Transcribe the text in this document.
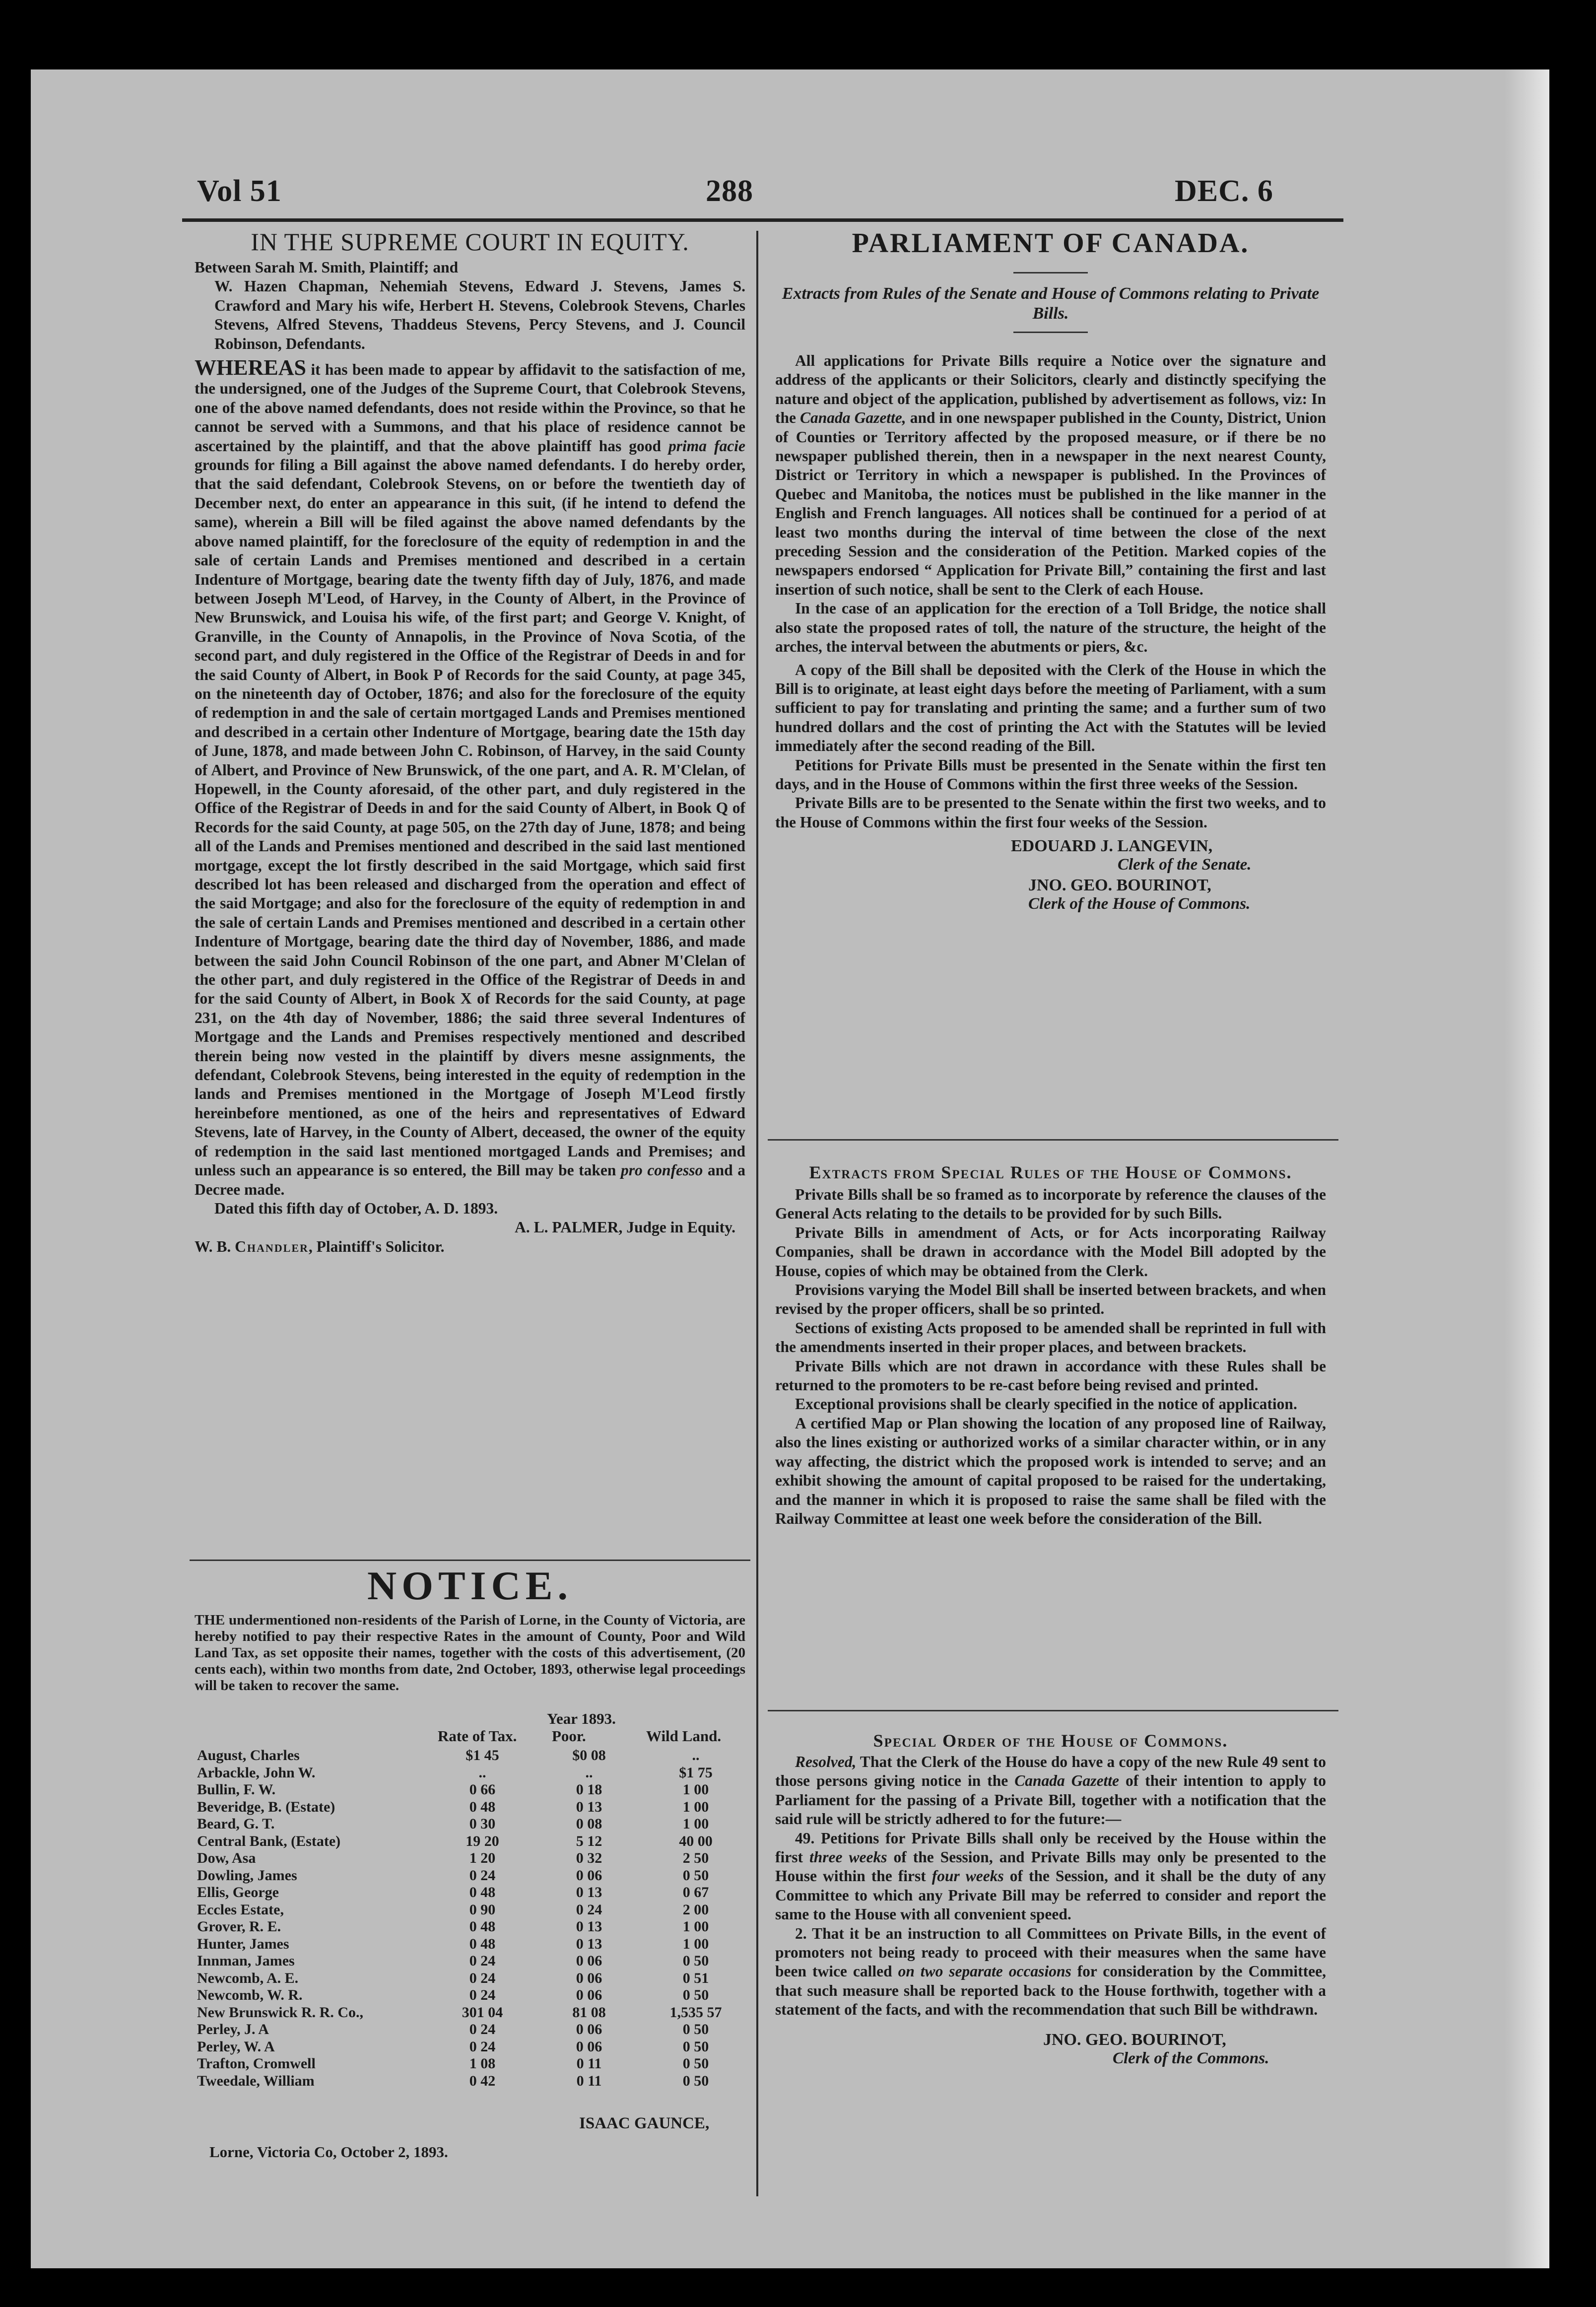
Vol 51	288	DEC. 6
IN THE SUPREME COURT IN EQUITY.

Between Sarah M. Smith, Plaintiff; and

W. Hazen Chapman, Nehemiah Stevens, Edward J. Stevens, James S. Crawford and Mary his wife, Herbert H. Stevens, Colebrook Stevens, Charles Stevens, Alfred Stevens, Thaddeus Stevens, Percy Stevens, and J. Council Robinson, Defendants.

WHEREAS it has been made to appear by affidavit to the satisfaction of me, the undersigned, one of the Judges of the Supreme Court, that Colebrook Stevens, one of the above named defendants, does not reside within the Province, so that he cannot be served with a Summons, and that his place of residence cannot be ascertained by the plaintiff, and that the above plaintiff has good prima facie grounds for filing a Bill against the above named defendants. I do hereby order, that the said defendant, Colebrook Stevens, on or before the twentieth day of December next, do enter an appearance in this suit, (if he intend to defend the same), wherein a Bill will be filed against the above named defendants by the above named plaintiff, for the foreclosure of the equity of redemption in and the sale of certain Lands and Premises mentioned and described in a certain Indenture of Mortgage, bearing date the twenty fifth day of July, 1876, and made between Joseph M'Leod, of Harvey, in the County of Albert, in the Province of New Brunswick, and Louisa his wife, of the first part; and George V. Knight, of Granville, in the County of Annapolis, in the Province of Nova Scotia, of the second part, and duly registered in the Office of the Registrar of Deeds in and for the said County of Albert, in Book P of Records for the said County, at page 345, on the nineteenth day of October, 1876; and also for the foreclosure of the equity of redemption in and the sale of certain mortgaged Lands and Premises mentioned and described in a certain other Indenture of Mortgage, bearing date the 15th day of June, 1878, and made between John C. Robinson, of Harvey, in the said County of Albert, and Province of New Brunswick, of the one part, and A. R. M'Clelan, of Hopewell, in the County aforesaid, of the other part, and duly registered in the Office of the Registrar of Deeds in and for the said County of Albert, in Book Q of Records for the said County, at page 505, on the 27th day of June, 1878; and being all of the Lands and Premises mentioned and described in the said last mentioned mortgage, except the lot firstly described in the said Mortgage, which said first described lot has been released and discharged from the operation and effect of the said Mortgage; and also for the foreclosure of the equity of redemption in and the sale of certain Lands and Premises mentioned and described in a certain other Indenture of Mortgage, bearing date the third day of November, 1886, and made between the said John Council Robinson of the one part, and Abner M'Clelan of the other part, and duly registered in the Office of the Registrar of Deeds in and for the said County of Albert, in Book X of Records for the said County, at page 231, on the 4th day of November, 1886; the said three several Indentures of Mortgage and the Lands and Premises respectively mentioned and described therein being now vested in the plaintiff by divers mesne assignments, the defendant, Colebrook Stevens, being interested in the equity of redemption in the lands and Premises mentioned in the Mortgage of Joseph M'Leod firstly hereinbefore mentioned, as one of the heirs and representatives of Edward Stevens, late of Harvey, in the County of Albert, deceased, the owner of the equity of redemption in the said last mentioned mortgaged Lands and Premises; and unless such an appearance is so entered, the Bill may be taken pro confesso and a Decree made.

Dated this fifth day of October, A. D. 1893.

A. L. PALMER, Judge in Equity.

W. B. Chandler, Plaintiff's Solicitor.

NOTICE.
THE undermentioned non-residents of the Parish of Lorne, in the County of Victoria, are hereby notified to pay their respective Rates in the amount of County, Poor and Wild Land Tax, as set opposite their names, together with the costs of this advertisement, (20 cents each), within two months from date, 2nd October, 1893, otherwise legal proceedings will be taken to recover the same.
Year 1893.
Rate of Tax. Poor.	Wild Land.
August, Charles	$1 45	$0 08	..
Arbackle, John W.	..	..	$1 75
Bullin, F. W.	0 66	0 18	1 00
Beveridge, B. (Estate)	0 48	0 13	1 00
Beard, G. T.	0 30	0 08	1 00
Central Bank, (Estate)	19 20	5 12	40 00
Dow, Asa	1 20	0 32	2 50
Dowling, James	0 24	0 06	0 50
Ellis, George	0 48	0 13	0 67
Eccles Estate,	0 90	0 24	2 00
Grover, R. E.	0 48	0 13	1 00
Hunter, James	0 48	0 13	1 00
Innman, James	0 24	0 06	0 50
Newcomb, A. E.	0 24	0 06	0 51
Newcomb, W. R.	0 24	0 06	0 50
New Brunswick R. R. Co.,	301 04	81 08	1,535 57
Perley, J. A	0 24	0 06	0 50
Perley, W. A	0 24	0 06	0 50
Trafton, Cromwell	1 08	0 11	0 50
Tweedale, William	0 42	0 11	0 50
ISAAC GAUNCE,
Lorne, Victoria Co, October 2, 1893.
PARLIAMENT OF CANADA.
Extracts from Rules of the Senate and House of Commons relating to Private Bills.

All applications for Private Bills require a Notice over the signature and address of the applicants or their Solicitors, clearly and distinctly specifying the nature and object of the application, published by advertisement as follows, viz: In the Canada Gazette, and in one newspaper published in the County, District, Union of Counties or Territory affected by the proposed measure, or if there be no newspaper published therein, then in a newspaper in the next nearest County, District or Territory in which a newspaper is published. In the Provinces of Quebec and Manitoba, the notices must be published in the like manner in the English and French languages. All notices shall be continued for a period of at least two months during the interval of time between the close of the next preceding Session and the consideration of the Petition. Marked copies of the newspapers endorsed “ Application for Private Bill,” containing the first and last insertion of such notice, shall be sent to the Clerk of each House.

In the case of an application for the erection of a Toll Bridge, the notice shall also state the proposed rates of toll, the nature of the structure, the height of the arches, the interval between the abutments or piers, &c.

A copy of the Bill shall be deposited with the Clerk of the House in which the Bill is to originate, at least eight days before the meeting of Parliament, with a sum sufficient to pay for translating and printing the same; and a further sum of two hundred dollars and the cost of printing the Act with the Statutes will be levied immediately after the second reading of the Bill.

Petitions for Private Bills must be presented in the Senate within the first ten days, and in the House of Commons within the first three weeks of the Session.

Private Bills are to be presented to the Senate within the first two weeks, and to the House of Commons within the first four weeks of the Session.

EDOUARD J. LANGEVIN,
Clerk of the Senate.
JNO. GEO. BOURINOT,
Clerk of the House of Commons.
Extracts from Special Rules of the House of Commons.

Private Bills shall be so framed as to incorporate by reference the clauses of the General Acts relating to the details to be provided for by such Bills.

Private Bills in amendment of Acts, or for Acts incorporating Railway Companies, shall be drawn in accordance with the Model Bill adopted by the House, copies of which may be obtained from the Clerk.

Provisions varying the Model Bill shall be inserted between brackets, and when revised by the proper officers, shall be so printed.

Sections of existing Acts proposed to be amended shall be reprinted in full with the amendments inserted in their proper places, and between brackets.

Private Bills which are not drawn in accordance with these Rules shall be returned to the promoters to be re-cast before being revised and printed.

Exceptional provisions shall be clearly specified in the notice of application.

A certified Map or Plan showing the location of any proposed line of Railway, also the lines existing or authorized works of a similar character within, or in any way affecting, the district which the proposed work is intended to serve; and an exhibit showing the amount of capital proposed to be raised for the undertaking, and the manner in which it is proposed to raise the same shall be filed with the Railway Committee at least one week before the consideration of the Bill.

Special Order of the House of Commons.

Resolved, That the Clerk of the House do have a copy of the new Rule 49 sent to those persons giving notice in the Canada Gazette of their intention to apply to Parliament for the passing of a Private Bill, together with a notification that the said rule will be strictly adhered to for the future:—

49. Petitions for Private Bills shall only be received by the House within the first three weeks of the Session, and Private Bills may only be presented to the House within the first four weeks of the Session, and it shall be the duty of any Committee to which any Private Bill may be referred to consider and report the same to the House with all convenient speed.

2. That it be an instruction to all Committees on Private Bills, in the event of promoters not being ready to proceed with their measures when the same have been twice called on two separate occasions for consideration by the Committee, that such measure shall be reported back to the House forthwith, together with a statement of the facts, and with the recommendation that such Bill be withdrawn.

JNO. GEO. BOURINOT,
Clerk of the Commons.
